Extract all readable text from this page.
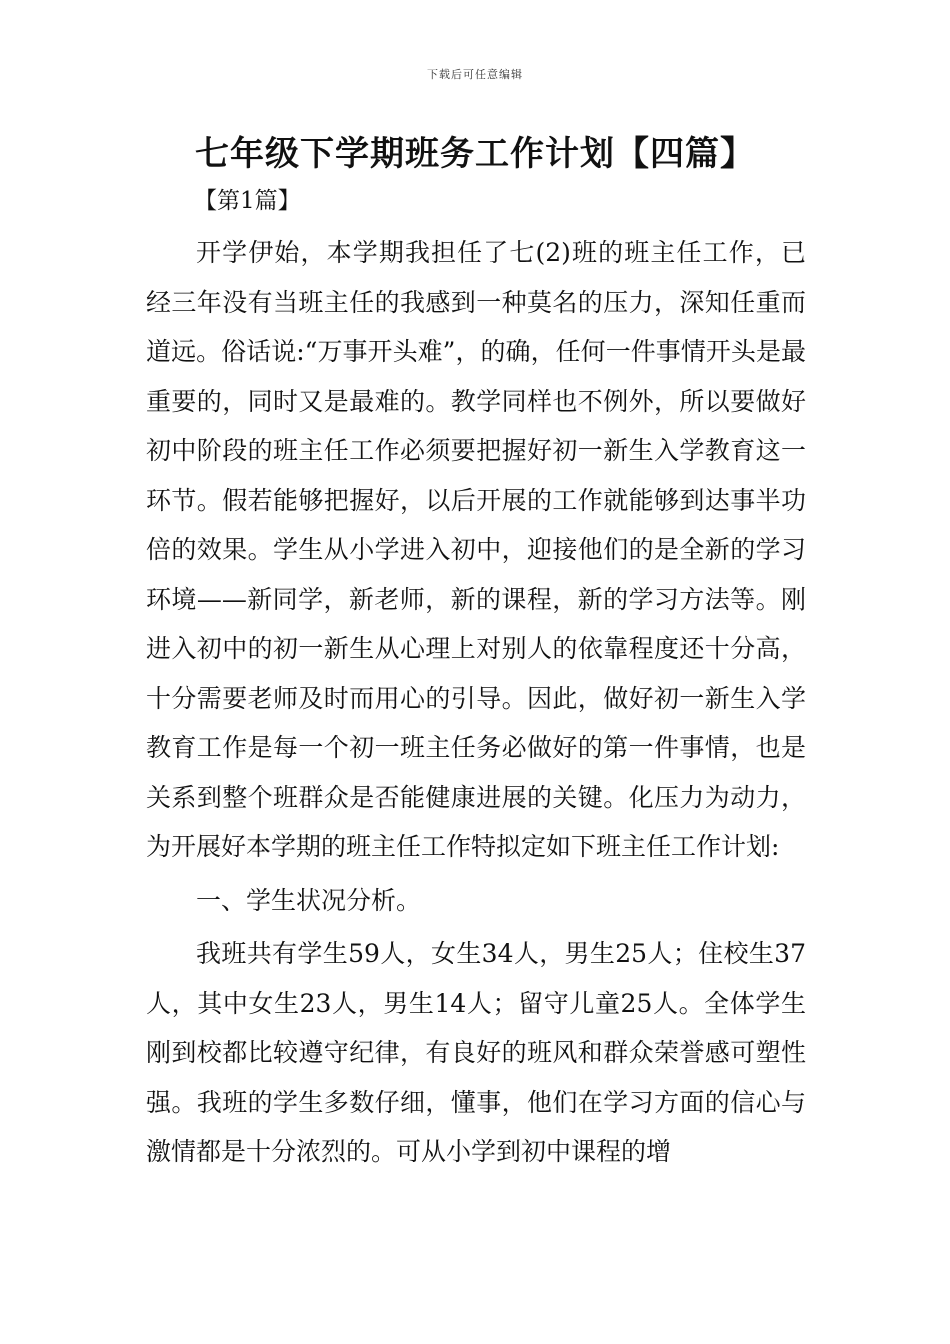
下载后可任意编辑
七年级下学期班务工作计划【四篇】
【第1篇】

开学伊始，本学期我担任了七(2)班的班主任工作，已经三年没有当班主任的我感到一种莫名的压力，深知任重而道远。俗话说:“万事开头难”，的确，任何一件事情开头是最重要的，同时又是最难的。教学同样也不例外，所以要做好初中阶段的班主任工作必须要把握好初一新生入学教育这一环节。假若能够把握好，以后开展的工作就能够到达事半功倍的效果。学生从小学进入初中，迎接他们的是全新的学习环境——新同学，新老师，新的课程，新的学习方法等。刚进入初中的初一新生从心理上对别人的依靠程度还十分高，十分需要老师及时而用心的引导。因此，做好初一新生入学教育工作是每一个初一班主任务必做好的第一件事情，也是关系到整个班群众是否能健康进展的关键。化压力为动力，为开展好本学期的班主任工作特拟定如下班主任工作计划:

一、学生状况分析。

我班共有学生59人，女生34人，男生25人；住校生37人，其中女生23人，男生14人；留守儿童25人。全体学生刚到校都比较遵守纪律，有良好的班风和群众荣誉感可塑性强。我班的学生多数仔细，懂事，他们在学习方面的信心与激情都是十分浓烈的。可从小学到初中课程的增
